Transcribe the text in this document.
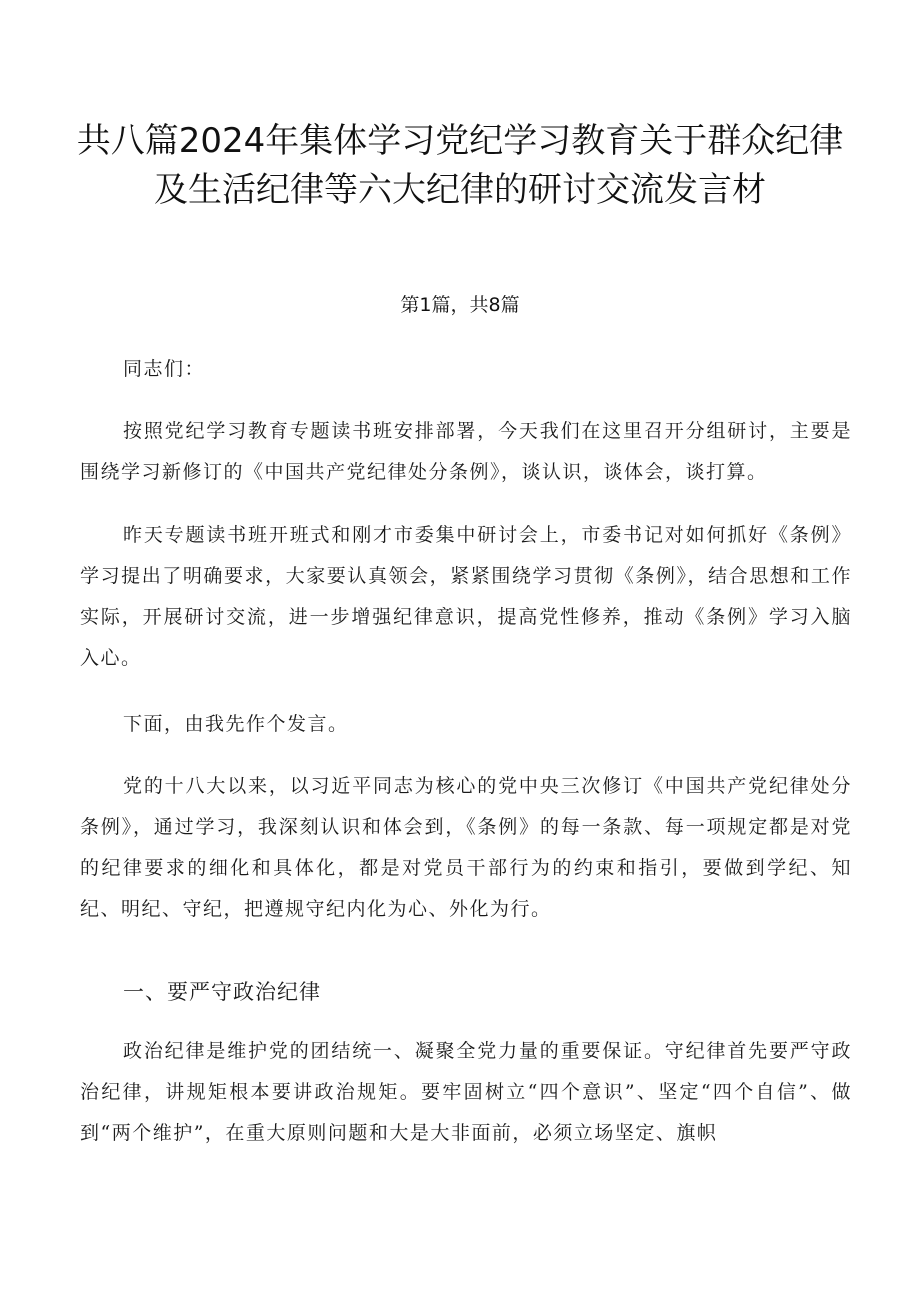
共八篇2024年集体学习党纪学习教育关于群众纪律
及生活纪律等六大纪律的研讨交流发言材
第1篇，共8篇

同志们：

按照党纪学习教育专题读书班安排部署，今天我们在这里召开分组研讨，主要是围绕学习新修订的《中国共产党纪律处分条例》，谈认识，谈体会，谈打算。

昨天专题读书班开班式和刚才市委集中研讨会上，市委书记对如何抓好《条例》学习提出了明确要求，大家要认真领会，紧紧围绕学习贯彻《条例》，结合思想和工作实际，开展研讨交流，进一步增强纪律意识，提高党性修养，推动《条例》学习入脑入心。

下面，由我先作个发言。

党的十八大以来，以习近平同志为核心的党中央三次修订《中国共产党纪律处分条例》，通过学习，我深刻认识和体会到，《条例》的每一条款、每一项规定都是对党的纪律要求的细化和具体化，都是对党员干部行为的约束和指引，要做到学纪、知纪、明纪、守纪，把遵规守纪内化为心、外化为行。

一、要严守政治纪律

政治纪律是维护党的团结统一、凝聚全党力量的重要保证。守纪律首先要严守政治纪律，讲规矩根本要讲政治规矩。要牢固树立“四个意识”、坚定“四个自信”、做到“两个维护”，在重大原则问题和大是大非面前，必须立场坚定、旗帜
